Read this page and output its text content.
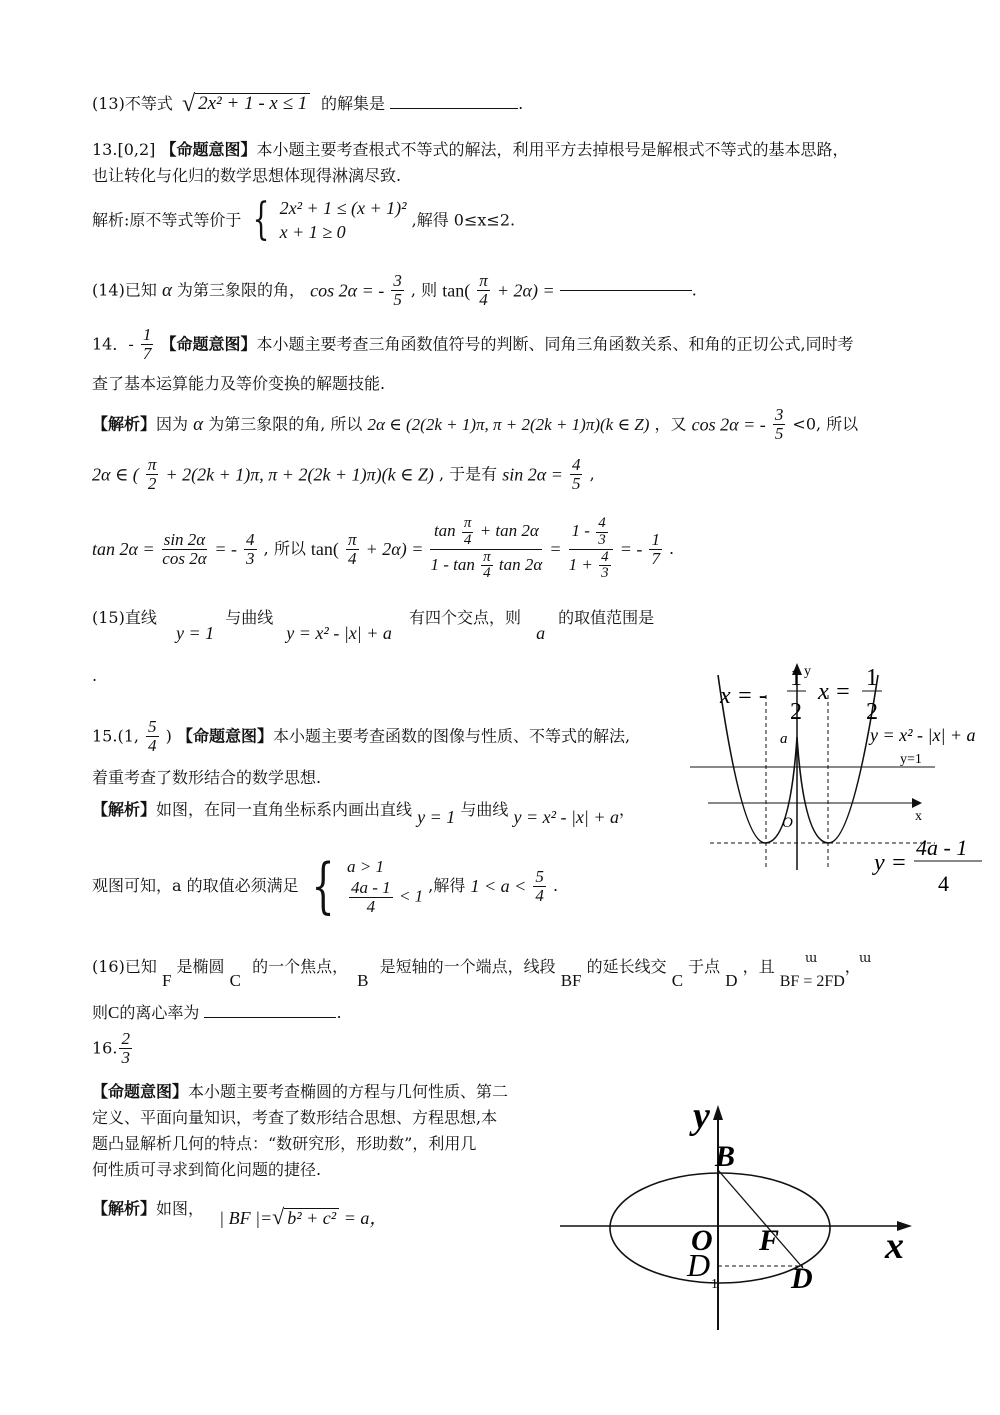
(13)不等式 √ 2x² + 1 - x ≤ 1 的解集是	.
13.[0,2] 【命题意图】本小题主要考查根式不等式的解法，利用平方去掉根号是解根式不等式的基本思路，
也让转化与化归的数学思想体现得淋漓尽致.
解析:原不等式等价于 { 2x² + 1 ≤ (x + 1)²
x + 1 ≥ 0
,解得 0≤x≤2.
(14)已知 α 为第三象限的角， cos 2α = - $\frac{3}{5}$ , 则 $\tan( \frac{\pi}{4} + 2\alpha)$ =	.
14．- $\frac{1}{7}$ 【命题意图】本小题主要考查三角函数值符号的判断、同角三角函数关系、和角的正切公式,同时考
查了基本运算能力及等价变换的解题技能.
【解析】因为 α 为第三象限的角, 所以 2α ∈ (2(2k + 1)π, π + 2(2k + 1)π)(k ∈ Z) ，又 cos 2α = - $\frac{3}{5} <0$, 所以
2α ∈ ( $\frac{\pi}{2} + 2(2k + 1)\pi$, π + 2(2k + 1)π)(k ∈ Z) , 于是有 $\sin 2\alpha = \frac{4}{5}$ ,
$\tan 2\alpha = \frac{\sin 2\alpha}{\cos 2\alpha}$ = - $\frac{4}{3}$ , 所以 $\tan( \frac{\pi}{4} + 2\alpha) = \frac{\tan \frac{\pi}{4} + \tan 2\alpha}{1 - \tan \frac{\pi}{4} \tan 2\alpha} = \frac{1 - \frac{4}{3}}{1 + \frac{4}{3}}$ = - $\frac{1}{7}$ .
(15)直线 y = 1 与曲线 y = x² - |x| + a 有四个交点，则 a 的取值范围是
.
15.(1, $\frac{5}{4}$ ) 【命题意图】本小题主要考查函数的图像与性质、不等式的解法,
着重考查了数形结合的数学思想.
【解析】如图，在同一直角坐标系内画出直线 y = 1 与曲线 y = x² - |x| + a，
观图可知，a 的取值必须满足 { a > 1
$\frac{4a - 1}{4} < 1$
,解得 $1 < a < \frac{5}{4}$ .
x = -
1
2
x =
1
2
y
x
a
O
y = x² - |x| + a
y=1
y =
4a - 1
4
(16)已知 F 是椭圆 C 的一个焦点， B 是短轴的一个端点，线段 BF 的延长线交 C 于点 D ，且 BF = 2FD，
ɯ	ɯ
则C的离心率为	.
16. $\frac{2}{3}$
【命题意图】本小题主要考查椭圆的方程与几何性质、第二
定义、平面向量知识，考查了数形结合思想、方程思想,本
题凸显解析几何的特点：“数研究形，形助数”，利用几
何性质可寻求到简化问题的捷径.
【解析】如图， | BF |=√ b² + c² = a，
y
x
B
O F
D
D
1
